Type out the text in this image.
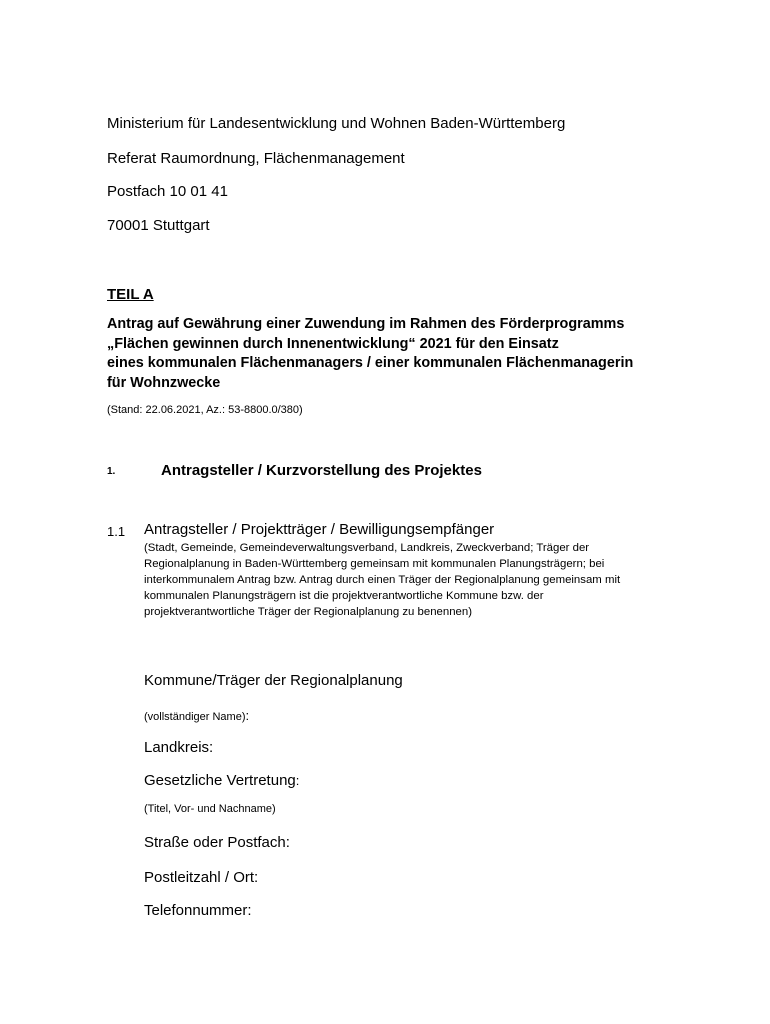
Ministerium für Landesentwicklung und Wohnen Baden-Württemberg
Referat Raumordnung, Flächenmanagement
Postfach 10 01 41
70001 Stuttgart
TEIL A
Antrag auf Gewährung einer Zuwendung im Rahmen des Förderprogramms
„Flächen gewinnen durch Innenentwicklung“ 2021 für den Einsatz
eines kommunalen Flächenmanagers / einer kommunalen Flächenmanagerin
für Wohnzwecke
(Stand: 22.06.2021, Az.: 53-8800.0/380)
1.	Antragsteller / Kurzvorstellung des Projektes
1.1 Antragsteller / Projektträger / Bewilligungsempfänger
(Stadt, Gemeinde, Gemeindeverwaltungsverband, Landkreis, Zweckverband; Träger der
Regionalplanung in Baden-Württemberg gemeinsam mit kommunalen Planungsträgern; bei
interkommunalem Antrag bzw. Antrag durch einen Träger der Regionalplanung gemeinsam mit
kommunalen Planungsträgern ist die projektverantwortliche Kommune bzw. der
projektverantwortliche Träger der Regionalplanung zu benennen)
Kommune/Träger der Regionalplanung
(vollständiger Name):
Landkreis:
Gesetzliche Vertretung:
(Titel, Vor- und Nachname)
Straße oder Postfach:
Postleitzahl / Ort:
Telefonnummer:
